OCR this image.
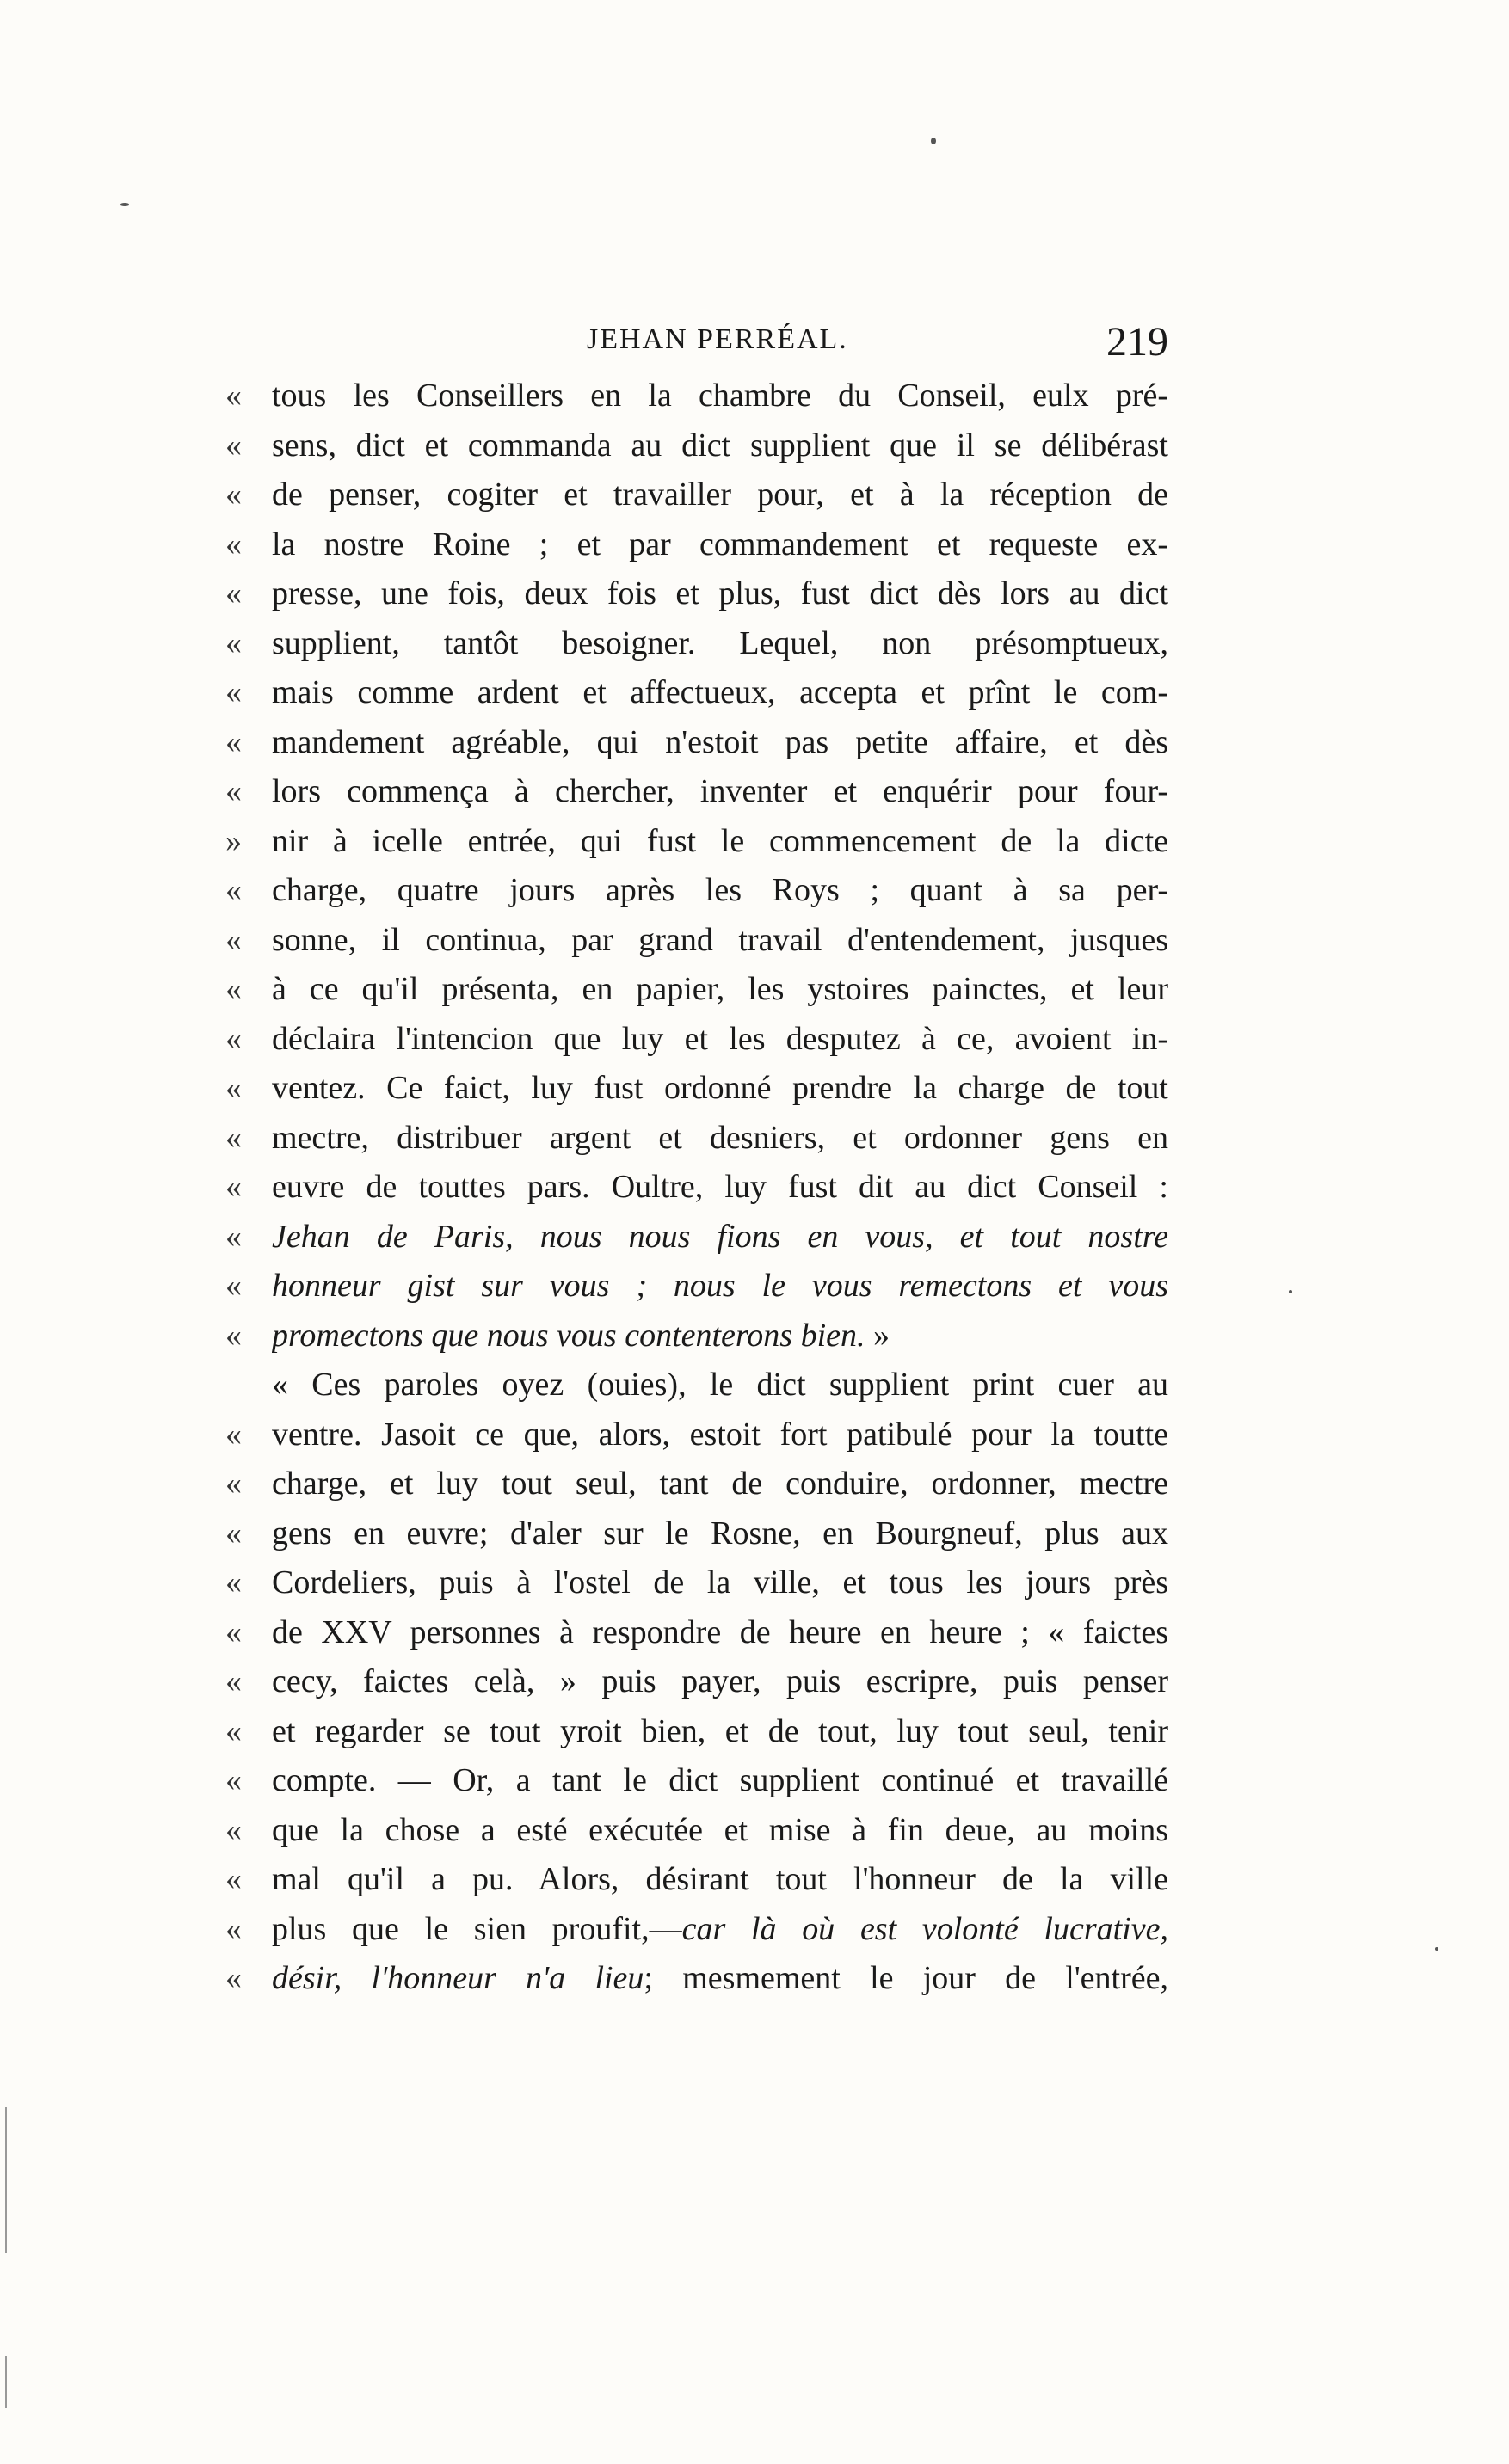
JEHAN PERRÉAL.	219
« tous les Conseillers en la chambre du Conseil, eulx pré-
« sens, dict et commanda au dict supplient que il se délibérast
« de penser, cogiter et travailler pour, et à la réception de
« la nostre Roine ; et par commandement et requeste ex-
« presse, une fois, deux fois et plus, fust dict dès lors au dict
« supplient, tantôt besoigner. Lequel, non présomptueux,
« mais comme ardent et affectueux, accepta et prînt le com-
« mandement agréable, qui n'estoit pas petite affaire, et dès
« lors commença à chercher, inventer et enquérir pour four-
» nir à icelle entrée, qui fust le commencement de la dicte
« charge, quatre jours après les Roys ; quant à sa per-
« sonne, il continua, par grand travail d'entendement, jusques
« à ce qu'il présenta, en papier, les ystoires painctes, et leur
« déclaira l'intencion que luy et les desputez à ce, avoient in-
« ventez. Ce faict, luy fust ordonné prendre la charge de tout
« mectre, distribuer argent et desniers, et ordonner gens en
« euvre de touttes pars. Oultre, luy fust dit au dict Conseil :
« Jehan de Paris, nous nous fions en vous, et tout nostre
« honneur gist sur vous ; nous le vous remectons et vous
« promectons que nous vous contenterons bien. »
« Ces paroles oyez (ouies), le dict supplient print cuer au
« ventre. Jasoit ce que, alors, estoit fort patibulé pour la toutte
« charge, et luy tout seul, tant de conduire, ordonner, mectre
« gens en euvre; d'aler sur le Rosne, en Bourgneuf, plus aux
« Cordeliers, puis à l'ostel de la ville, et tous les jours près
« de XXV personnes à respondre de heure en heure ; « faictes
« cecy, faictes celà, » puis payer, puis escripre, puis penser
« et regarder se tout yroit bien, et de tout, luy tout seul, tenir
« compte. — Or, a tant le dict supplient continué et travaillé
« que la chose a esté exécutée et mise à fin deue, au moins
« mal qu'il a pu. Alors, désirant tout l'honneur de la ville
« plus que le sien proufit,—car là où est volonté lucrative,
« désir, l'honneur n'a lieu; mesmement le jour de l'entrée,
